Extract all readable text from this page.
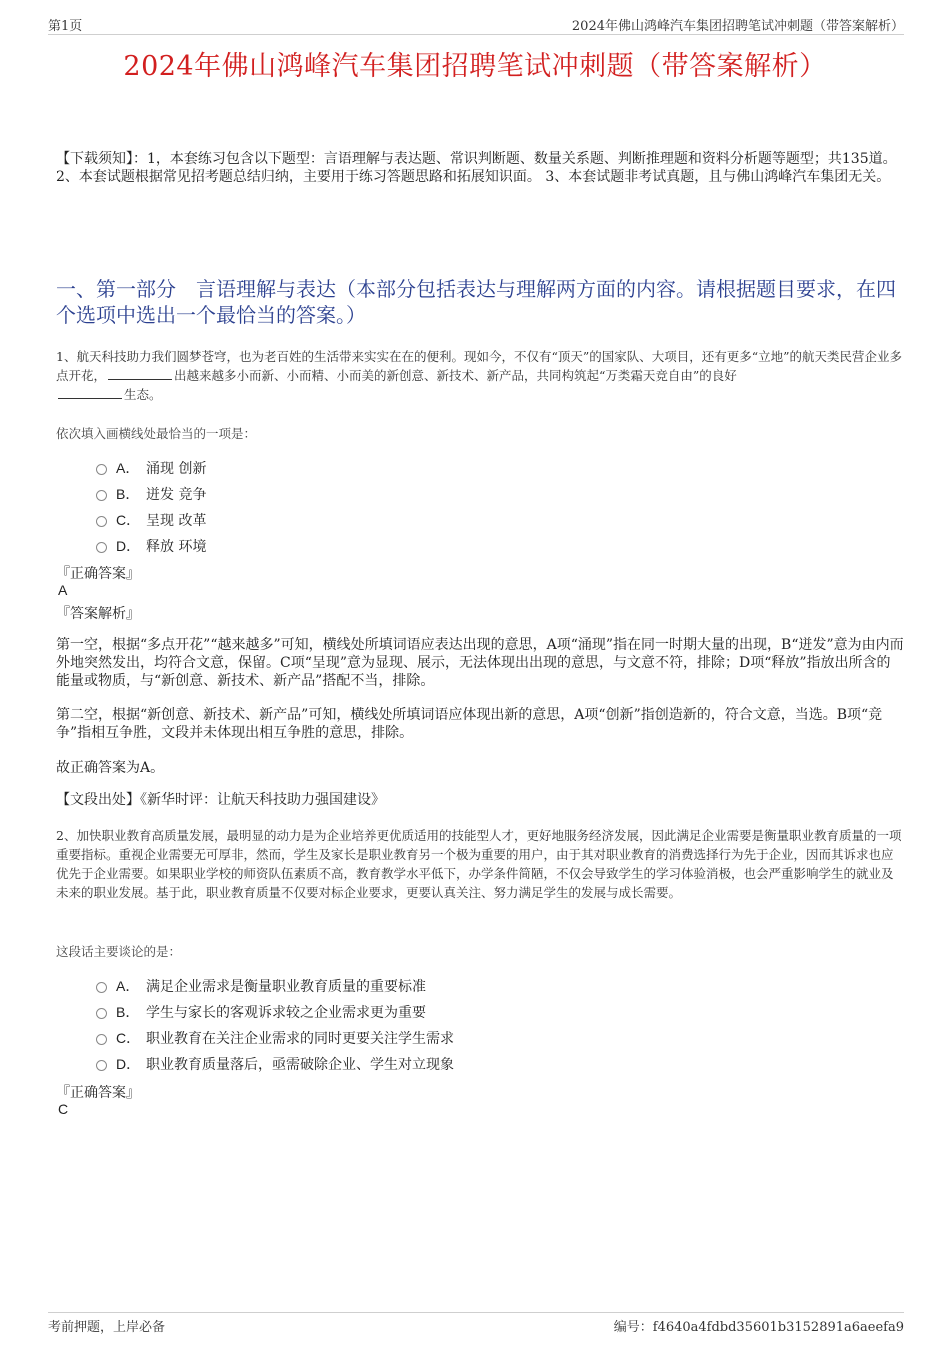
第1页	2024年佛山鸿峰汽车集团招聘笔试冲刺题（带答案解析）
2024年佛山鸿峰汽车集团招聘笔试冲刺题（带答案解析）
【下载须知】：1，本套练习包含以下题型：言语理解与表达题、常识判断题、数量关系题、判断推理题和资料分析题等题型；共135道。 2、本套试题根据常见招考题总结归纳，主要用于练习答题思路和拓展知识面。 3、本套试题非考试真题，且与佛山鸿峰汽车集团无关。
一、第一部分　言语理解与表达（本部分包括表达与理解两方面的内容。请根据题目要求，在四个选项中选出一个最恰当的答案。）
1、航天科技助力我们圆梦苍穹，也为老百姓的生活带来实实在在的便利。现如今，不仅有“顶天”的国家队、大项目，还有更多“立地”的航天类民营企业多点开花，	出越来越多小而新、小而精、小而美的新创意、新技术、新产品，共同构筑起“万类霜天竞自由”的良好
生态。
依次填入画横线处最恰当的一项是：
A． 涌现 创新
B． 迸发 竞争
C． 呈现 改革
D． 释放 环境
『正确答案』
A
『答案解析』
第一空，根据“多点开花”“越来越多”可知，横线处所填词语应表达出现的意思，A项“涌现”指在同一时期大量的出现，B“迸发”意为由内而外地突然发出，均符合文意，保留。C项“呈现”意为显现、展示，无法体现出出现的意思，与文意不符，排除；D项“释放”指放出所含的能量或物质，与“新创意、新技术、新产品”搭配不当，排除。
第二空，根据“新创意、新技术、新产品”可知，横线处所填词语应体现出新的意思，A项“创新”指创造新的，符合文意，当选。B项“竞争”指相互争胜，文段并未体现出相互争胜的意思，排除。
故正确答案为A。
【文段出处】《新华时评：让航天科技助力强国建设》
2、加快职业教育高质量发展，最明显的动力是为企业培养更优质适用的技能型人才，更好地服务经济发展，因此满足企业需要是衡量职业教育质量的一项重要指标。重视企业需要无可厚非，然而，学生及家长是职业教育另一个极为重要的用户，由于其对职业教育的消费选择行为先于企业，因而其诉求也应优先于企业需要。如果职业学校的师资队伍素质不高，教育教学水平低下，办学条件简陋，不仅会导致学生的学习体验消极，也会严重影响学生的就业及未来的职业发展。基于此，职业教育质量不仅要对标企业要求，更要认真关注、努力满足学生的发展与成长需要。
这段话主要谈论的是：
A． 满足企业需求是衡量职业教育质量的重要标准
B． 学生与家长的客观诉求较之企业需求更为重要
C． 职业教育在关注企业需求的同时更要关注学生需求
D． 职业教育质量落后，亟需破除企业、学生对立现象
『正确答案』
C
考前押题，上岸必备	编号：f4640a4fdbd35601b3152891a6aeefa9
